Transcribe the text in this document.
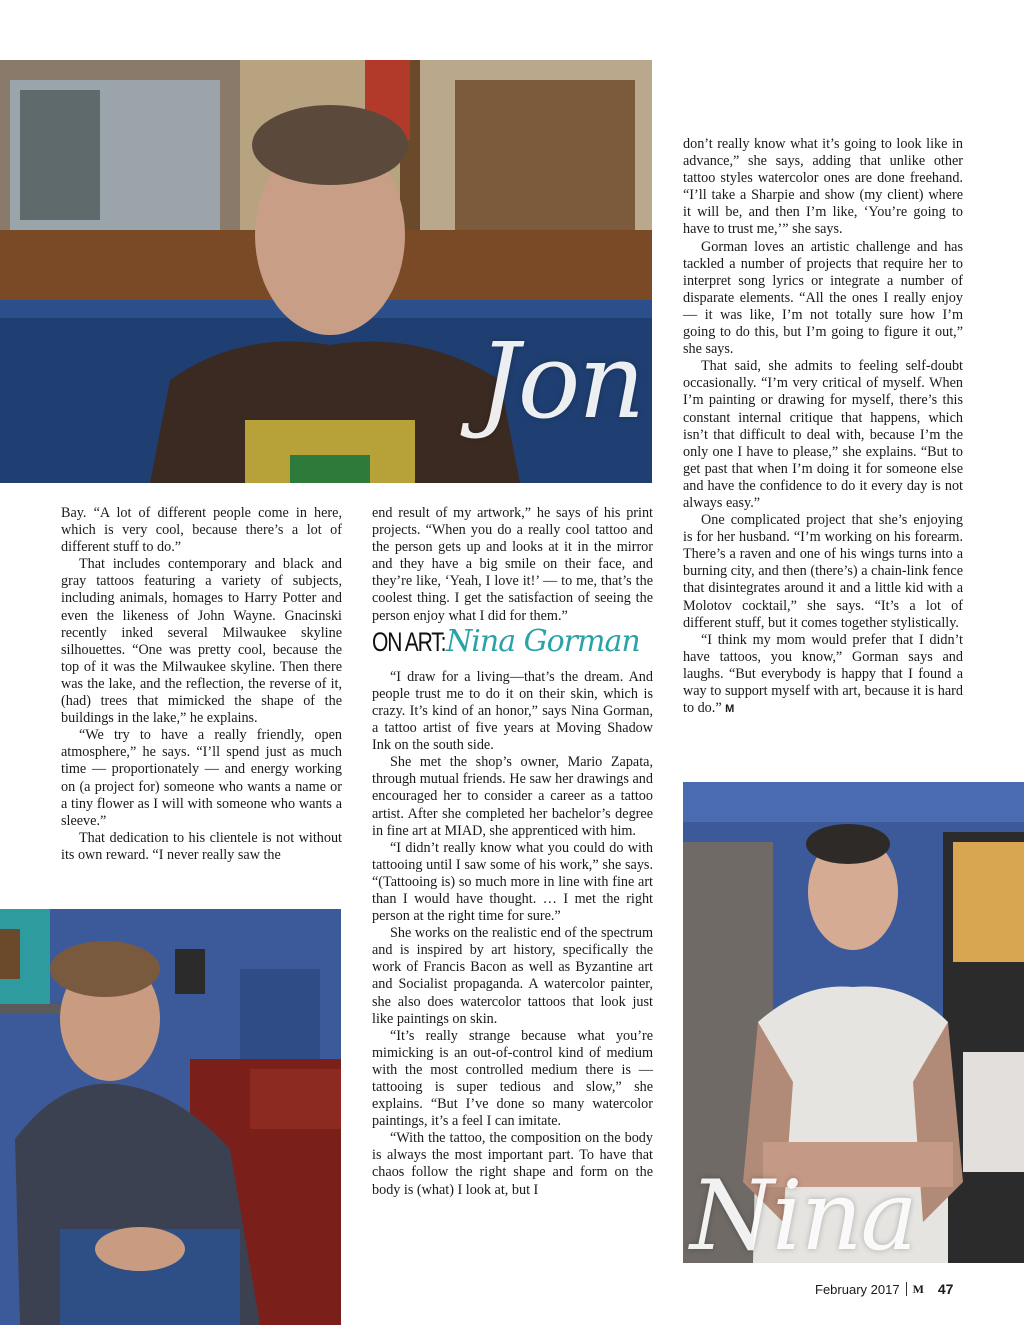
Jon
Nina

Bay. “A lot of different people come in here, which is very cool, because there’s a lot of different stuff to do.”

That includes contemporary and black and gray tattoos featuring a variety of subjects, including animals, homages to Harry Potter and even the likeness of John Wayne. Gnacinski recently inked several Milwaukee skyline silhouettes. “One was pretty cool, because the top of it was the Milwaukee skyline. Then there was the lake, and the reflection, the reverse of it, (had) trees that mimicked the shape of the buildings in the lake,” he explains.

“We try to have a really friendly, open atmosphere,” he says. “I’ll spend just as much time — proportionately — and energy working on (a project for) someone who wants a name or a tiny flower as I will with someone who wants a sleeve.”

That dedication to his clientele is not without its own reward. “I never really saw the

end result of my artwork,” he says of his print projects. “When you do a really cool tattoo and the person gets up and looks at it in the mirror and they have a big smile on their face, and they’re like, ‘Yeah, I love it!’ — to me, that’s the coolest thing. I get the satisfaction of seeing the person enjoy what I did for them.”

ON ART: Nina Gorman

“I draw for a living—that’s the dream. And people trust me to do it on their skin, which is crazy. It’s kind of an honor,” says Nina Gorman, a tattoo artist of five years at Moving Shadow Ink on the south side.

She met the shop’s owner, Mario Zapata, through mutual friends. He saw her drawings and encouraged her to consider a career as a tattoo artist. After she completed her bachelor’s degree in fine art at MIAD, she apprenticed with him.

“I didn’t really know what you could do with tattooing until I saw some of his work,” she says. “(Tattooing is) so much more in line with fine art than I would have thought. … I met the right person at the right time for sure.”

She works on the realistic end of the spectrum and is inspired by art history, specifically the work of Francis Bacon as well as Byzantine art and Socialist propaganda. A watercolor painter, she also does watercolor tattoos that look just like paintings on skin.

“It’s really strange because what you’re mimicking is an out-of-control kind of medium with the most controlled medium there is — tattooing is super tedious and slow,” she explains. “But I’ve done so many watercolor paintings, it’s a feel I can imitate.

“With the tattoo, the composition on the body is always the most important part. To have that chaos follow the right shape and form on the body is (what) I look at, but I

don’t really know what it’s going to look like in advance,” she says, adding that unlike other tattoo styles watercolor ones are done freehand. “I’ll take a Sharpie and show (my client) where it will be, and then I’m like, ‘You’re going to have to trust me,’” she says.

Gorman loves an artistic challenge and has tackled a number of projects that require her to interpret song lyrics or integrate a number of disparate elements. “All the ones I really enjoy — it was like, I’m not totally sure how I’m going to do this, but I’m going to figure it out,” she says.

That said, she admits to feeling self-doubt occasionally. “I’m very critical of myself. When I’m painting or drawing for myself, there’s this constant internal critique that happens, which isn’t that difficult to deal with, because I’m the only one I have to please,” she explains. “But to get past that when I’m doing it for someone else and have the confidence to do it every day is not always easy.”

One complicated project that she’s enjoying is for her husband. “I’m working on his forearm. There’s a raven and one of his wings turns into a burning city, and then (there’s) a chain-link fence that disintegrates around it and a little kid with a Molotov cocktail,” she says. “It’s a lot of different stuff, but it comes together stylistically.

“I think my mom would prefer that I didn’t have tattoos, you know,” Gorman says and laughs. “But everybody is happy that I found a way to support myself with art, because it is hard to do.” M

February 2017 M 47
